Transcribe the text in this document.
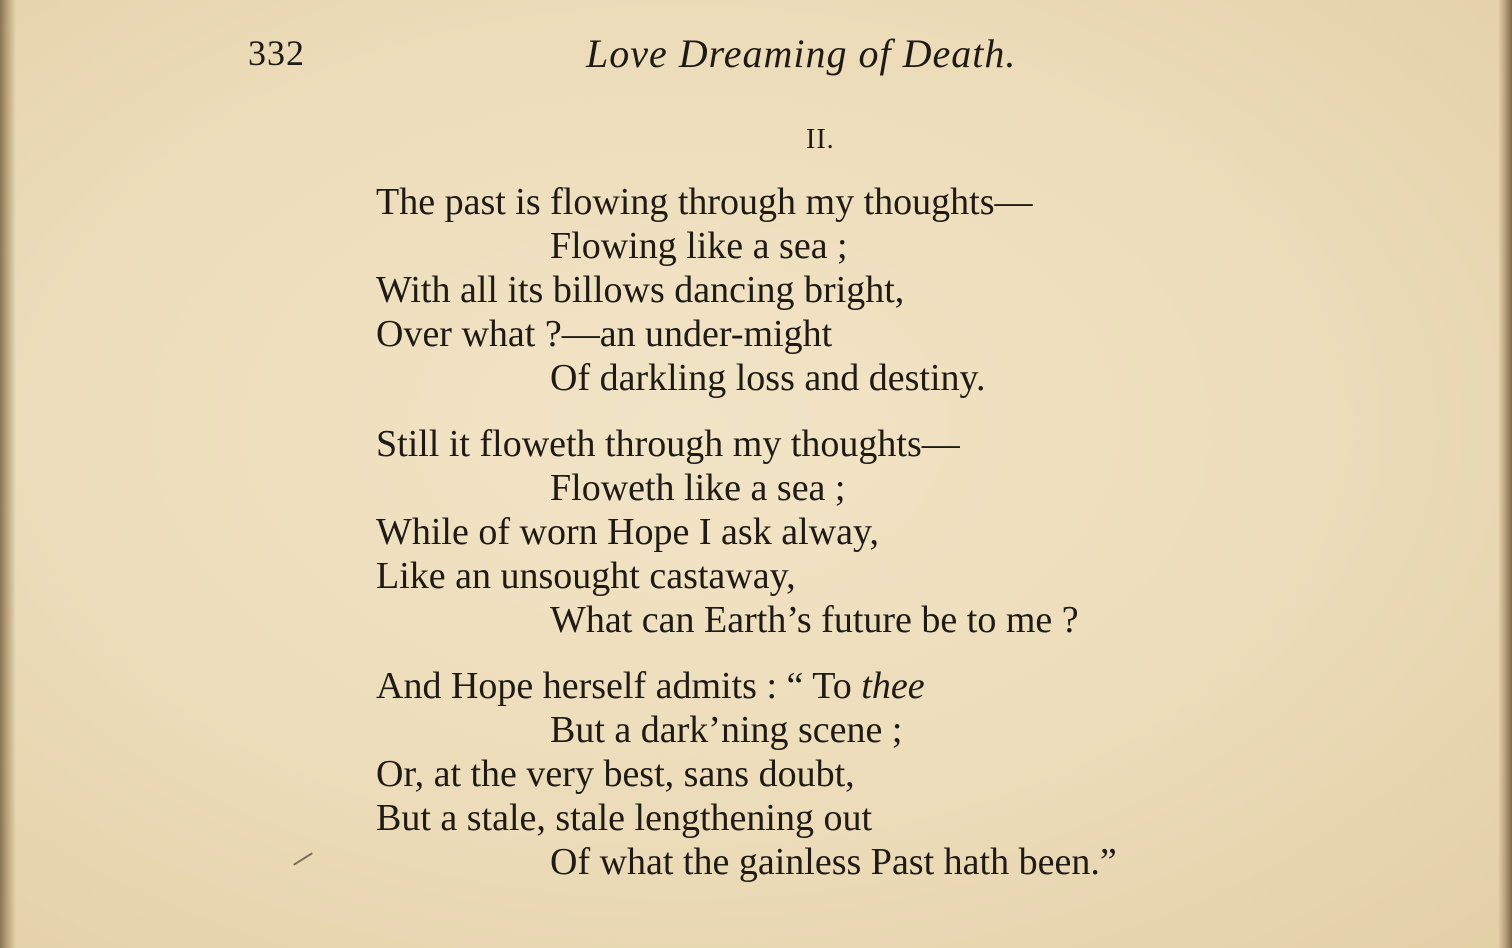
332	Love Dreaming of Death.
II.
The past is flowing through my thoughts—
Flowing like a sea ;
With all its billows dancing bright,
Over what ?—an under-might
Of darkling loss and destiny.
Still it floweth through my thoughts—
Floweth like a sea ;
While of worn Hope I ask alway,
Like an unsought castaway,
What can Earth’s future be to me ?
And Hope herself admits : “ To thee
But a dark’ning scene ;
Or, at the very best, sans doubt,
But a stale, stale lengthening out
Of what the gainless Past hath been.”
